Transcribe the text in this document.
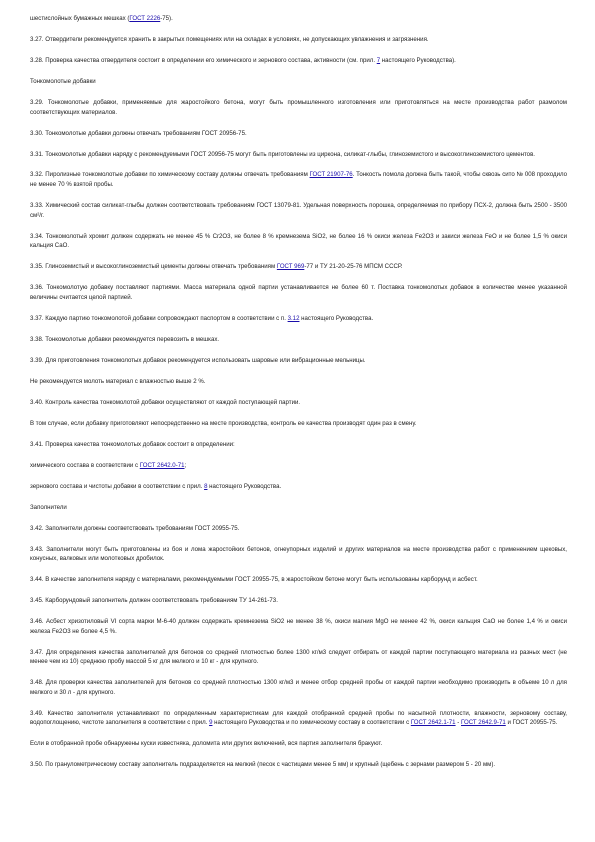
шестислойных бумажных мешках (ГОСТ 2226-75).

3.27. Отвердители рекомендуется хранить в закрытых помещениях или на складах в условиях, не допускающих увлажнения и загрязнения.

3.28. Проверка качества отвердителя состоит в определении его химического и зернового состава, активности (см. прил. 7 настоящего Руководства).

Тонкомолотые добавки

3.29. Тонкомолотые добавки, применяемые для жаростойкого бетона, могут быть промышленного изготовления или приготовляться на месте производства работ размолом соответствующих материалов.

3.30. Тонкомолотые добавки должны отвечать требованиям ГОСТ 20956-75.

3.31. Тонкомолотые добавки наряду с рекомендуемыми ГОСТ 20956-75 могут быть приготовлены из циркона, силикат-глыбы, глиноземистого и высокоглиноземистого цементов.

3.32. Пиролизные тонкомолотые добавки по химическому составу должны отвечать требованиям ГОСТ 21907-76. Тонкость помола должна быть такой, чтобы сквозь сито № 008 проходило не менее 70 % взятой пробы.

3.33. Химический состав силикат-глыбы должен соответствовать требованиям ГОСТ 13079-81. Удельная поверхность порошка, определяемая по прибору ПСХ-2, должна быть 2500 - 3500 см²/г.

3.34. Тонкомолотый хромит должен содержать не менее 45 % Cr2O3, не более 8 % кремнезема SiO2, не более 16 % окиси железа Fe2O3 и закиси железа FeO и не более 1,5 % окиси кальция CaO.

3.35. Глиноземистый и высокоглиноземистый цементы должны отвечать требованиям ГОСТ 969-77 и ТУ 21-20-25-76 МПСМ СССР.

3.36. Тонкомолотую добавку поставляют партиями. Масса материала одной партии устанавливается не более 60 т. Поставка тонкомолотых добавок в количестве менее указанной величины считается целой партией.

3.37. Каждую партию тонкомолотой добавки сопровождают паспортом в соответствии с п. 3.12 настоящего Руководства.

3.38. Тонкомолотые добавки рекомендуется перевозить в мешках.

3.39. Для приготовления тонкомолотых добавок рекомендуется использовать шаровые или вибрационные мельницы.

Не рекомендуется молоть материал с влажностью выше 2 %.

3.40. Контроль качества тонкомолотой добавки осуществляют от каждой поступающей партии.

В том случае, если добавку приготовляют непосредственно на месте производства, контроль ее качества производят один раз в смену.

3.41. Проверка качества тонкомолотых добавок состоит в определении:

химического состава в соответствии с ГОСТ 2642.0-71;

зернового состава и чистоты добавки в соответствии с прил. 8 настоящего Руководства.

Заполнители

3.42. Заполнители должны соответствовать требованиям ГОСТ 20955-75.

3.43. Заполнители могут быть приготовлены из боя и лома жаростойких бетонов, огнеупорных изделий и других материалов на месте производства работ с применением щековых, конусных, валковых или молотковых дробилок.

3.44. В качестве заполнителя наряду с материалами, рекомендуемыми ГОСТ 20955-75, в жаростойком бетоне могут быть использованы карборунд и асбест.

3.45. Карборундовый заполнитель должен соответствовать требованиям ТУ 14-261-73.

3.46. Асбест хризотиловый VI сорта марки М-6-40 должен содержать кремнезема SiO2 не менее 38 %, окиси магния MgO не менее 42 %, окиси кальция CaO не более 1,4 % и окиси железа Fe2O3 не более 4,5 %.

3.47. Для определения качества заполнителей для бетонов со средней плотностью более 1300 кг/м3 следует отбирать от каждой партии поступающего материала из разных мест (не менее чем из 10) среднюю пробу массой 5 кг для мелкого и 10 кг - для крупного.

3.48. Для проверки качества заполнителей для бетонов со средней плотностью 1300 кг/м3 и менее отбор средней пробы от каждой партии необходимо производить в объеме 10 л для мелкого и 30 л - для крупного.

3.49. Качество заполнителя устанавливают по определенным характеристикам для каждой отобранной средней пробы по насыпной плотности, влажности, зерновому составу, водопоглощению, чистоте заполнителя в соответствии с прил. 9 настоящего Руководства и по химическому составу в соответствии с ГОСТ 2642.1-71 - ГОСТ 2642.9-71 и ГОСТ 20955-75.

Если в отобранной пробе обнаружены куски известняка, доломита или других включений, вся партия заполнителя бракуют.

3.50. По гранулометрическому составу заполнитель подразделяется на мелкий (песок с частицами менее 5 мм) и крупный (щебень с зернами размером 5 - 20 мм).
